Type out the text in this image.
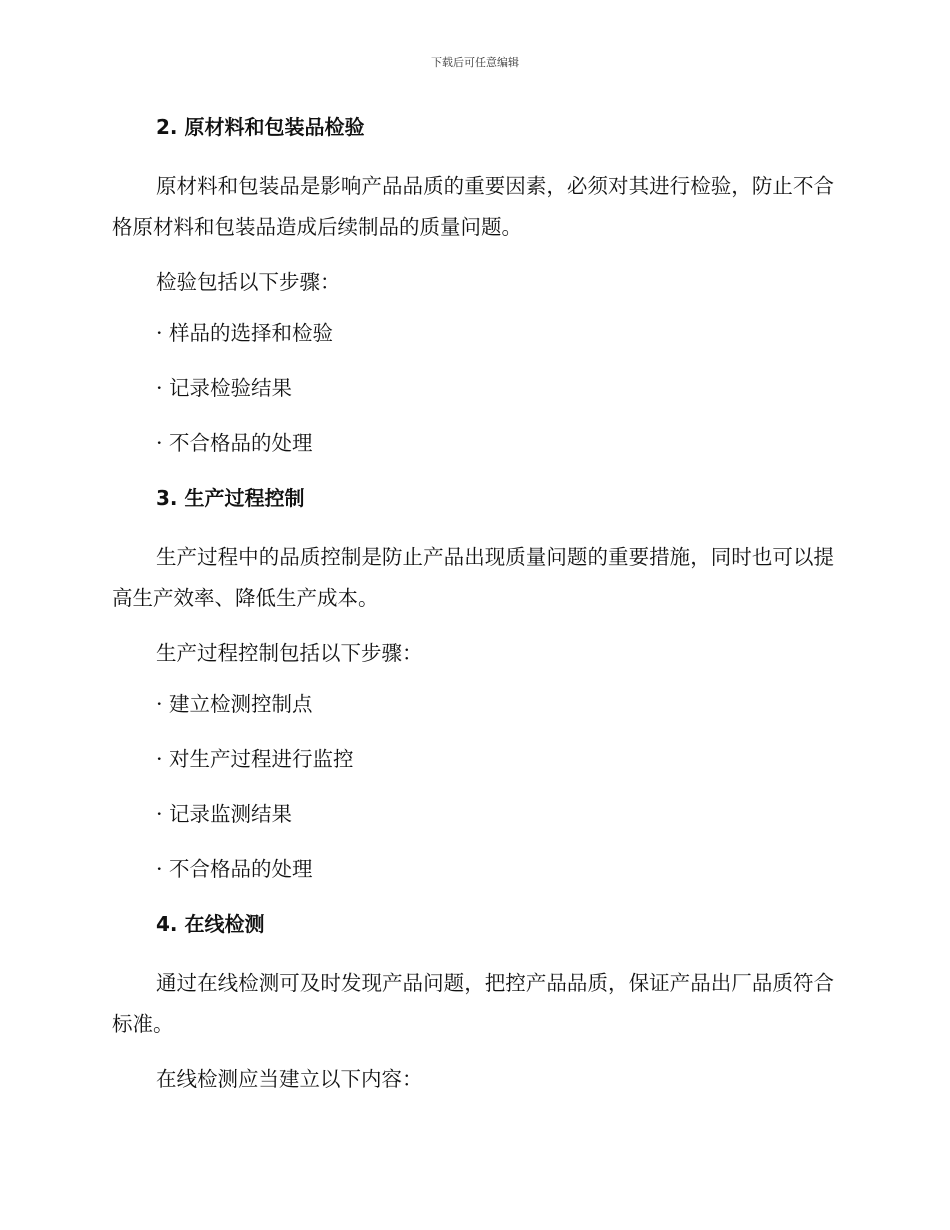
下载后可任意编辑
2. 原材料和包装品检验

原材料和包装品是影响产品品质的重要因素，必须对其进行检验，防止不合格原材料和包装品造成后续制品的质量问题。

检验包括以下步骤：

· 样品的选择和检验
· 记录检验结果
· 不合格品的处理
3. 生产过程控制

生产过程中的品质控制是防止产品出现质量问题的重要措施，同时也可以提高生产效率、降低生产成本。

生产过程控制包括以下步骤：

· 建立检测控制点
· 对生产过程进行监控
· 记录监测结果
· 不合格品的处理
4. 在线检测

通过在线检测可及时发现产品问题，把控产品品质，保证产品出厂品质符合标准。

在线检测应当建立以下内容：
